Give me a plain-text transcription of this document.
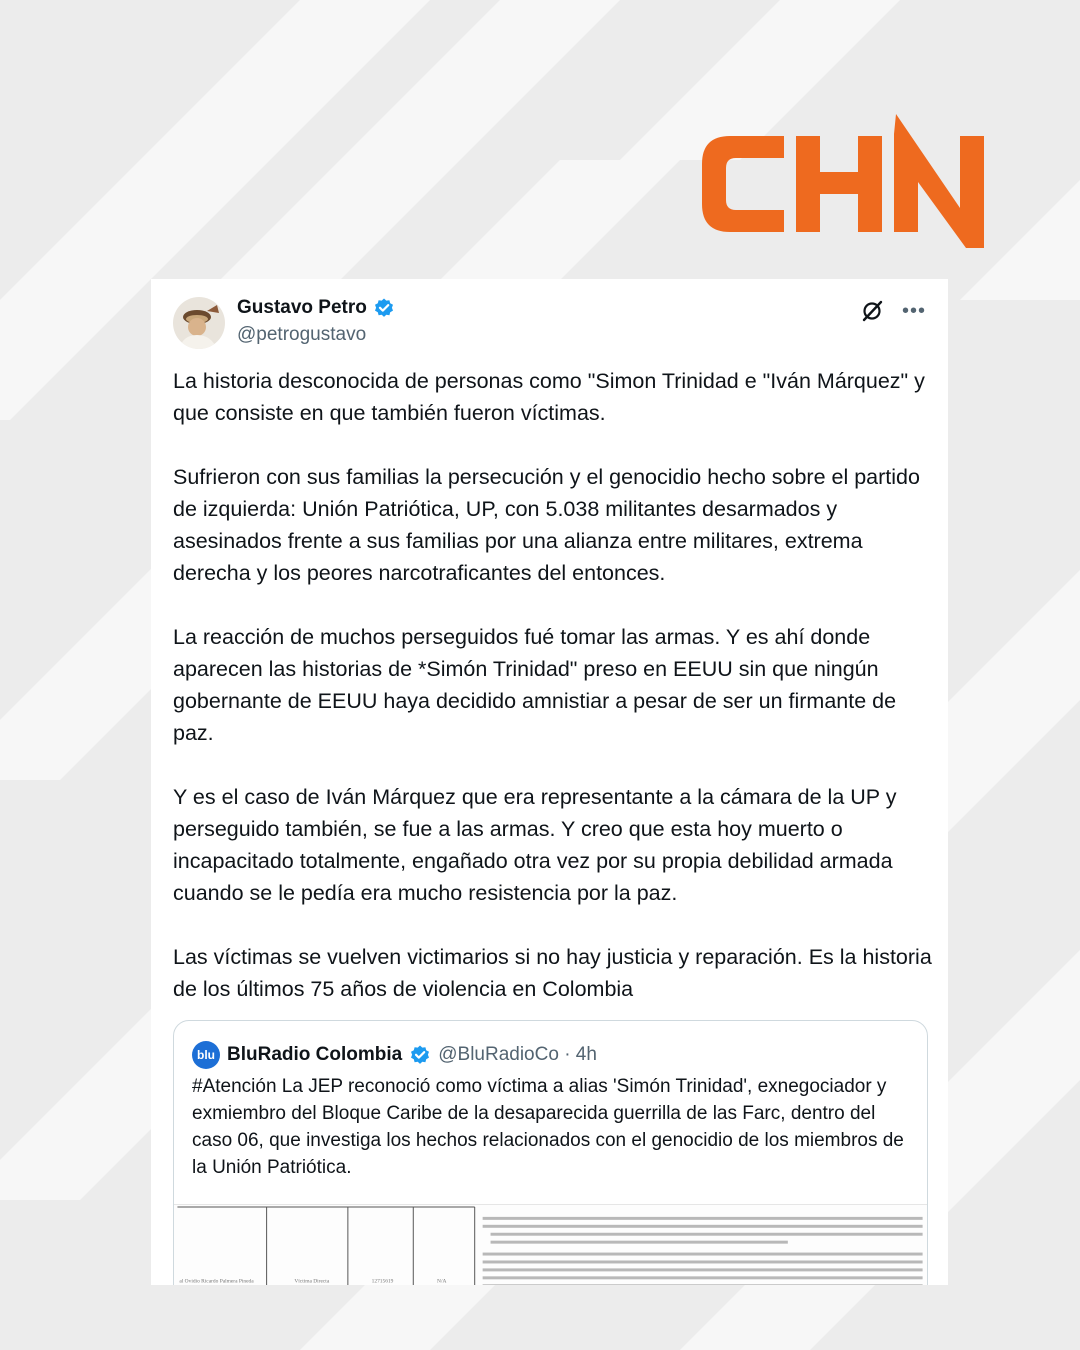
Gustavo Petro
@petrogustavo
•••

La historia desconocida de personas como "Simon Trinidad e "Iván Márquez" y que consiste en que también fueron víctimas.

Sufrieron con sus familias la persecución y el genocidio hecho sobre el partido de izquierda: Unión Patriótica, UP, con 5.038 militantes desarmados y asesinados frente a sus familias por una alianza entre militares, extrema derecha y los peores narcotraficantes del entonces.

La reacción de muchos perseguidos fué tomar las armas. Y es ahí donde aparecen las historias de *Simón Trinidad" preso en EEUU sin que ningún gobernante de EEUU haya decidido amnistiar a pesar de ser un firmante de paz.

Y es el caso de Iván Márquez que era representante a la cámara de la UP y perseguido también, se fue a las armas. Y creo que esta hoy muerto o incapacitado totalmente, engañado otra vez por su propia debilidad armada cuando se le pedía era mucho resistencia por la paz.

Las víctimas se vuelven victimarios si no hay justicia y reparación. Es la historia de los últimos 75 años de violencia en Colombia

blu BluRadio Colombia @BluRadioCo · 4h
#Atención La JEP reconoció como víctima a alias 'Simón Trinidad', exnegociador y exmiembro del Bloque Caribe de la desaparecida guerrilla de las Farc, dentro del caso 06, que investiga los hechos relacionados con el genocidio de los miembros de la Unión Patriótica.
al Ovidio Ricardo Palmera Pineda	Víctima Directa	12715619	N/A
